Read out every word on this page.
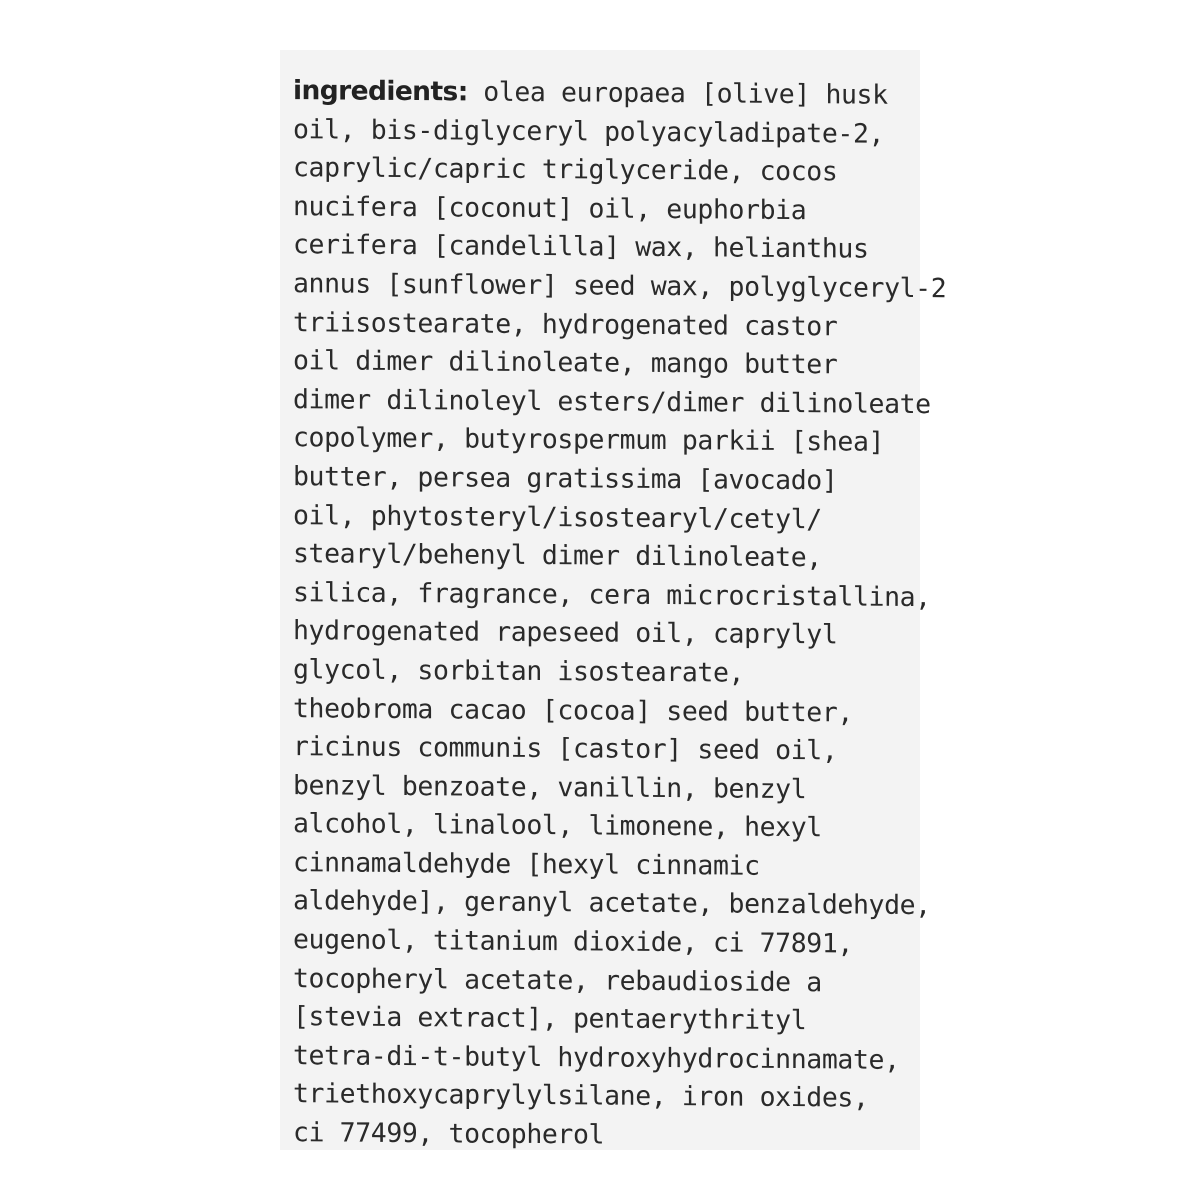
ingredients: olea europaea [olive] husk
oil, bis-diglyceryl polyacyladipate-2,
caprylic/capric triglyceride, cocos
nucifera [coconut] oil, euphorbia
cerifera [candelilla] wax, helianthus
annus [sunflower] seed wax, polyglyceryl-2
triisostearate, hydrogenated castor
oil dimer dilinoleate, mango butter
dimer dilinoleyl esters/dimer dilinoleate
copolymer, butyrospermum parkii [shea]
butter, persea gratissima [avocado]
oil, phytosteryl/isostearyl/cetyl/
stearyl/behenyl dimer dilinoleate,
silica, fragrance, cera microcristallina,
hydrogenated rapeseed oil, caprylyl
glycol, sorbitan isostearate,
theobroma cacao [cocoa] seed butter,
ricinus communis [castor] seed oil,
benzyl benzoate, vanillin, benzyl
alcohol, linalool, limonene, hexyl
cinnamaldehyde [hexyl cinnamic
aldehyde], geranyl acetate, benzaldehyde,
eugenol, titanium dioxide, ci 77891,
tocopheryl acetate, rebaudioside a
[stevia extract], pentaerythrityl
tetra-di-t-butyl hydroxyhydrocinnamate,
triethoxycaprylylsilane, iron oxides,
ci 77499, tocopherol
